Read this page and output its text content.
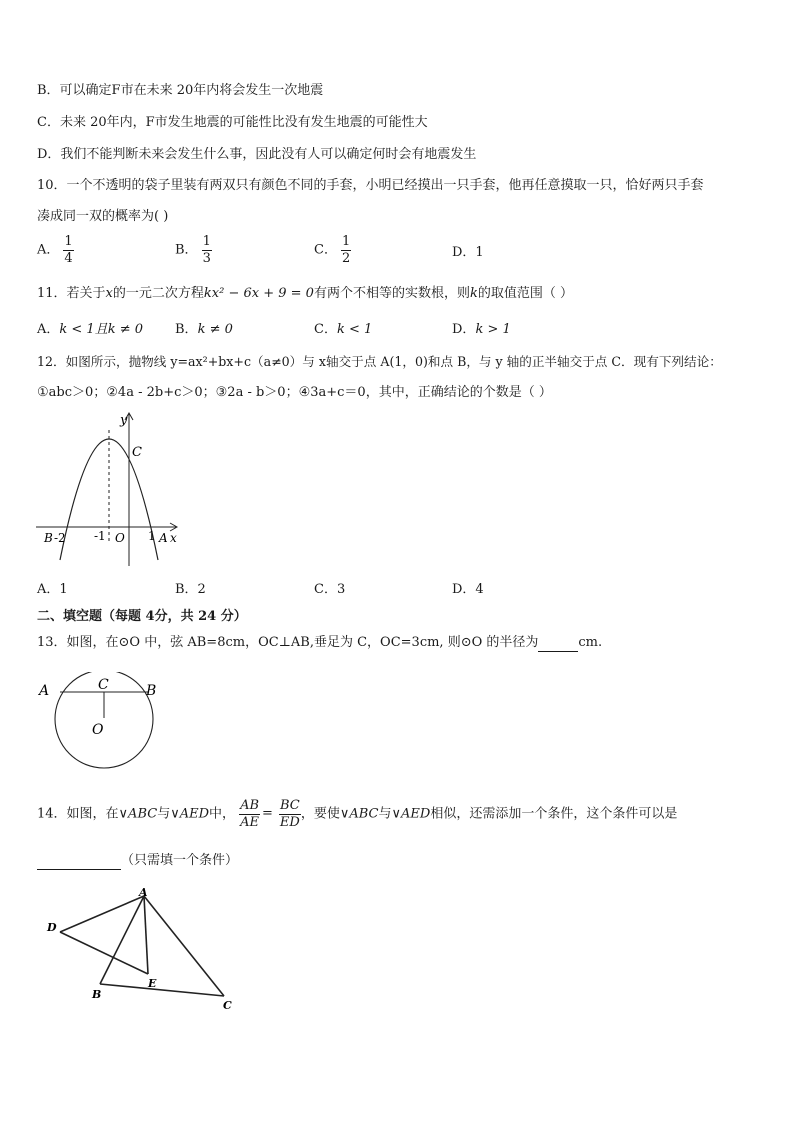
B．可以确定F市在未来 20年内将会发生一次地震
C．未来 20年内，F市发生地震的可能性比没有发生地震的可能性大
D．我们不能判断未来会发生什么事，因此没有人可以确定何时会有地震发生
10．一个不透明的袋子里装有两双只有颜色不同的手套，小明已经摸出一只手套，他再任意摸取一只，恰好两只手套
凑成同一双的概率为( )
A． $\frac{1}{4}$	B． $\frac{1}{3}$	C． $\frac{1}{2}$	D．1
11．若关于x的一元二次方程kx² − 6x + 9 = 0有两个不相等的实数根，则k的取值范围（ ）
A．k < 1且k ≠ 0 B．k ≠ 0	C．k < 1	D．k > 1
12．如图所示，抛物线 y=ax²+bx+c（a≠0）与 x轴交于点 A(1，0)和点 B，与 y 轴的正半轴交于点 C．现有下列结论：
①abc＞0；②4a - 2b+c＞0；③2a - b＞0；④3a+c＝0，其中，正确结论的个数是（ ）
y
C
B -2 -1 O 1 A x
A．1	B．2	C．3	D．4
二、填空题（每题 4分，共 24 分）
13．如图，在⊙O 中，弦 AB=8cm，OC⊥AB,垂足为 C，OC=3cm, 则⊙O 的半径为	cm.
A	C	B
O
14．如图，在∨ABC与∨AED中， $\frac{AB}{AE} = \frac{BC}{ED}$ ，要使∨ABC与∨AED相似，还需添加一个条件，这个条件可以是
（只需填一个条件）
A
D
E
B
C
